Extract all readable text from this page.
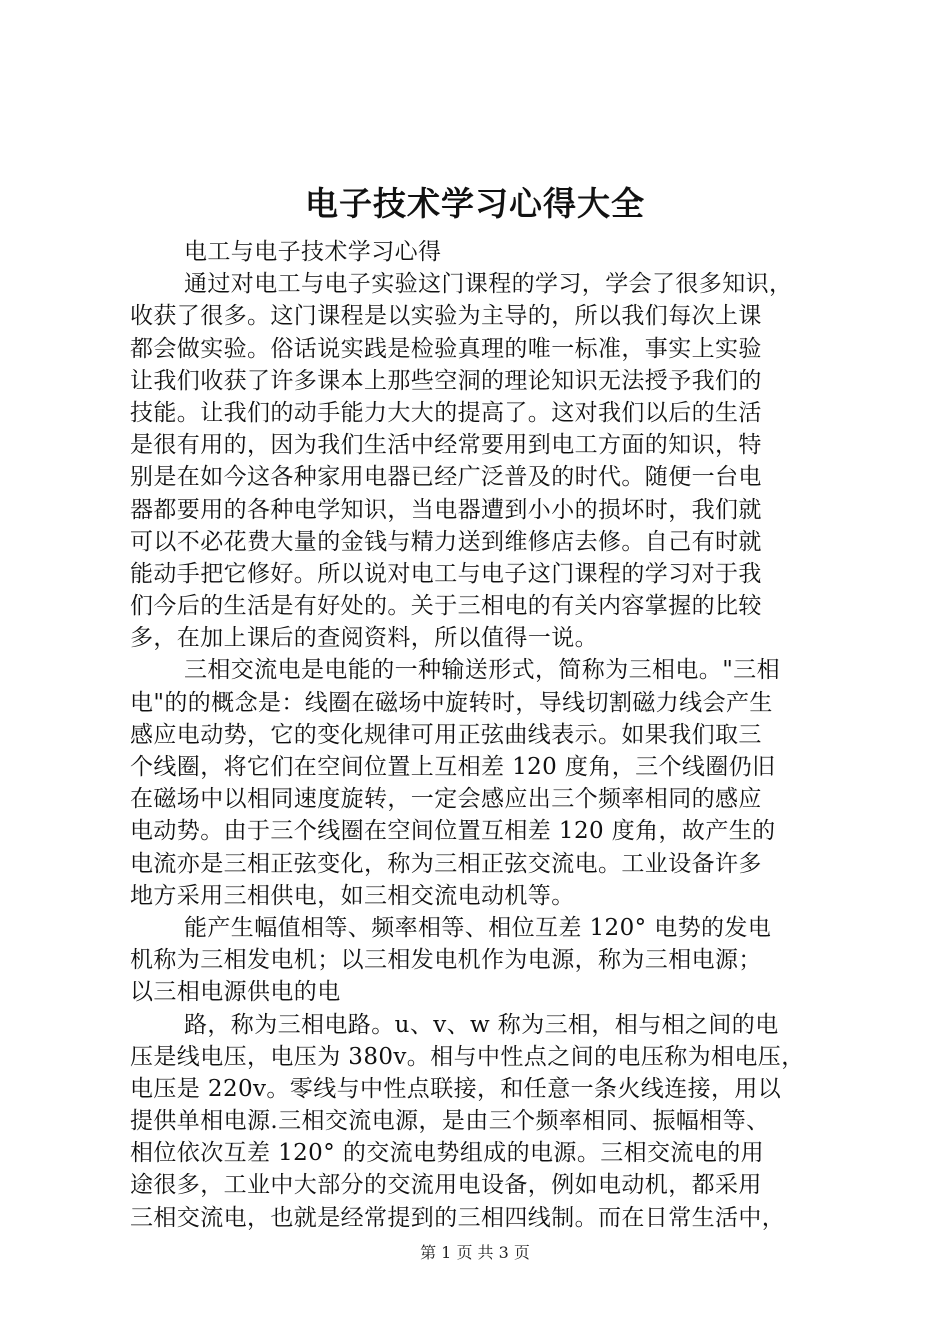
电子技术学习心得大全
电工与电子技术学习心得
通过对电工与电子实验这门课程的学习，学会了很多知识，
收获了很多。这门课程是以实验为主导的，所以我们每次上课
都会做实验。俗话说实践是检验真理的唯一标准，事实上实验
让我们收获了许多课本上那些空洞的理论知识无法授予我们的
技能。让我们的动手能力大大的提高了。这对我们以后的生活
是很有用的，因为我们生活中经常要用到电工方面的知识，特
别是在如今这各种家用电器已经广泛普及的时代。随便一台电
器都要用的各种电学知识，当电器遭到小小的损坏时，我们就
可以不必花费大量的金钱与精力送到维修店去修。自己有时就
能动手把它修好。所以说对电工与电子这门课程的学习对于我
们今后的生活是有好处的。关于三相电的有关内容掌握的比较
多，在加上课后的查阅资料，所以值得一说。
三相交流电是电能的一种输送形式，简称为三相电。"三相
电"的的概念是：线圈在磁场中旋转时，导线切割磁力线会产生
感应电动势，它的变化规律可用正弦曲线表示。如果我们取三
个线圈，将它们在空间位置上互相差 120 度角，三个线圈仍旧
在磁场中以相同速度旋转，一定会感应出三个频率相同的感应
电动势。由于三个线圈在空间位置互相差 120 度角，故产生的
电流亦是三相正弦变化，称为三相正弦交流电。工业设备许多
地方采用三相供电，如三相交流电动机等。
能产生幅值相等、频率相等、相位互差 120° 电势的发电
机称为三相发电机；以三相发电机作为电源，称为三相电源；
以三相电源供电的电
路，称为三相电路。u、v、w 称为三相，相与相之间的电
压是线电压，电压为 380v。相与中性点之间的电压称为相电压，
电压是 220v。零线与中性点联接，和任意一条火线连接，用以
提供单相电源.三相交流电源，是由三个频率相同、振幅相等、
相位依次互差 120° 的交流电势组成的电源。三相交流电的用
途很多，工业中大部分的交流用电设备，例如电动机，都采用
三相交流电，也就是经常提到的三相四线制。而在日常生活中，
第 1 页 共 3 页
